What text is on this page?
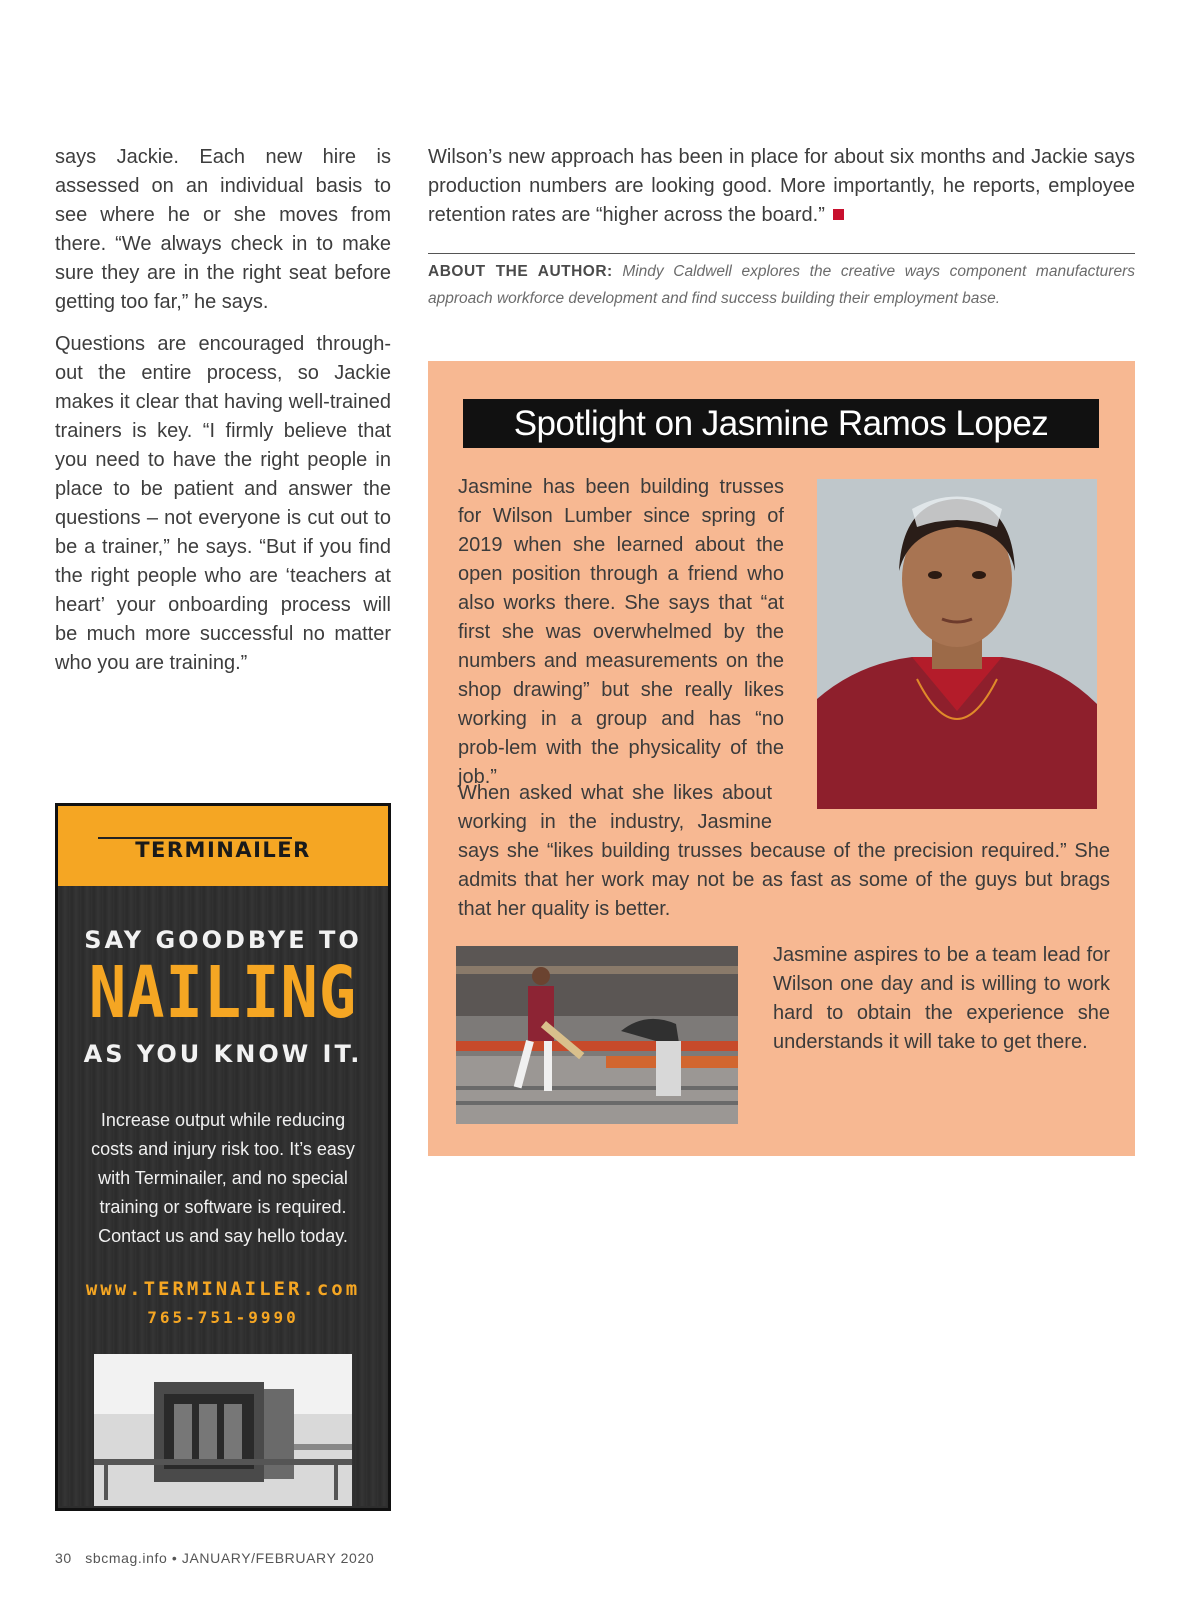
says Jackie. Each new hire is assessed on an individual basis to see where he or she moves from there. “We always check in to make sure they are in the right seat before getting too far,” he says.

Questions are encouraged through-out the entire process, so Jackie makes it clear that having well-trained trainers is key. “I firmly believe that you need to have the right people in place to be patient and answer the questions – not everyone is cut out to be a trainer,” he says. “But if you find the right people who are ‘teachers at heart’ your onboarding process will be much more successful no matter who you are training.”

Wilson’s new approach has been in place for about six months and Jackie says production numbers are looking good. More importantly, he reports, employee retention rates are “higher across the board.”

ABOUT THE AUTHOR: Mindy Caldwell explores the creative ways component manufacturers approach workforce development and find success building their employment base.
Spotlight on Jasmine Ramos Lopez
Jasmine has been building trusses for Wilson Lumber since spring of 2019 when she learned about the open position through a friend who also works there. She says that “at first she was overwhelmed by the numbers and measurements on the shop drawing” but she really likes working in a group and has “no prob-lem with the physicality of the job.”
When asked what she likes about working in the industry, Jasmine says she “likes building trusses because of the precision required.” She admits that her work may not be as fast as some of the guys but brags that her quality is better.
Jasmine aspires to be a team lead for Wilson one day and is willing to work hard to obtain the experience she understands it will take to get there.
TERMINAILER
SAY GOODBYE TO
NAILING
AS YOU KNOW IT.
Increase output while reducing costs and injury risk too. It’s easy with Terminailer, and no special training or software is required. Contact us and say hello today.
www.TERMINAILER.com
765-751-9990
30 sbcmag.info • JANUARY/FEBRUARY 2020
